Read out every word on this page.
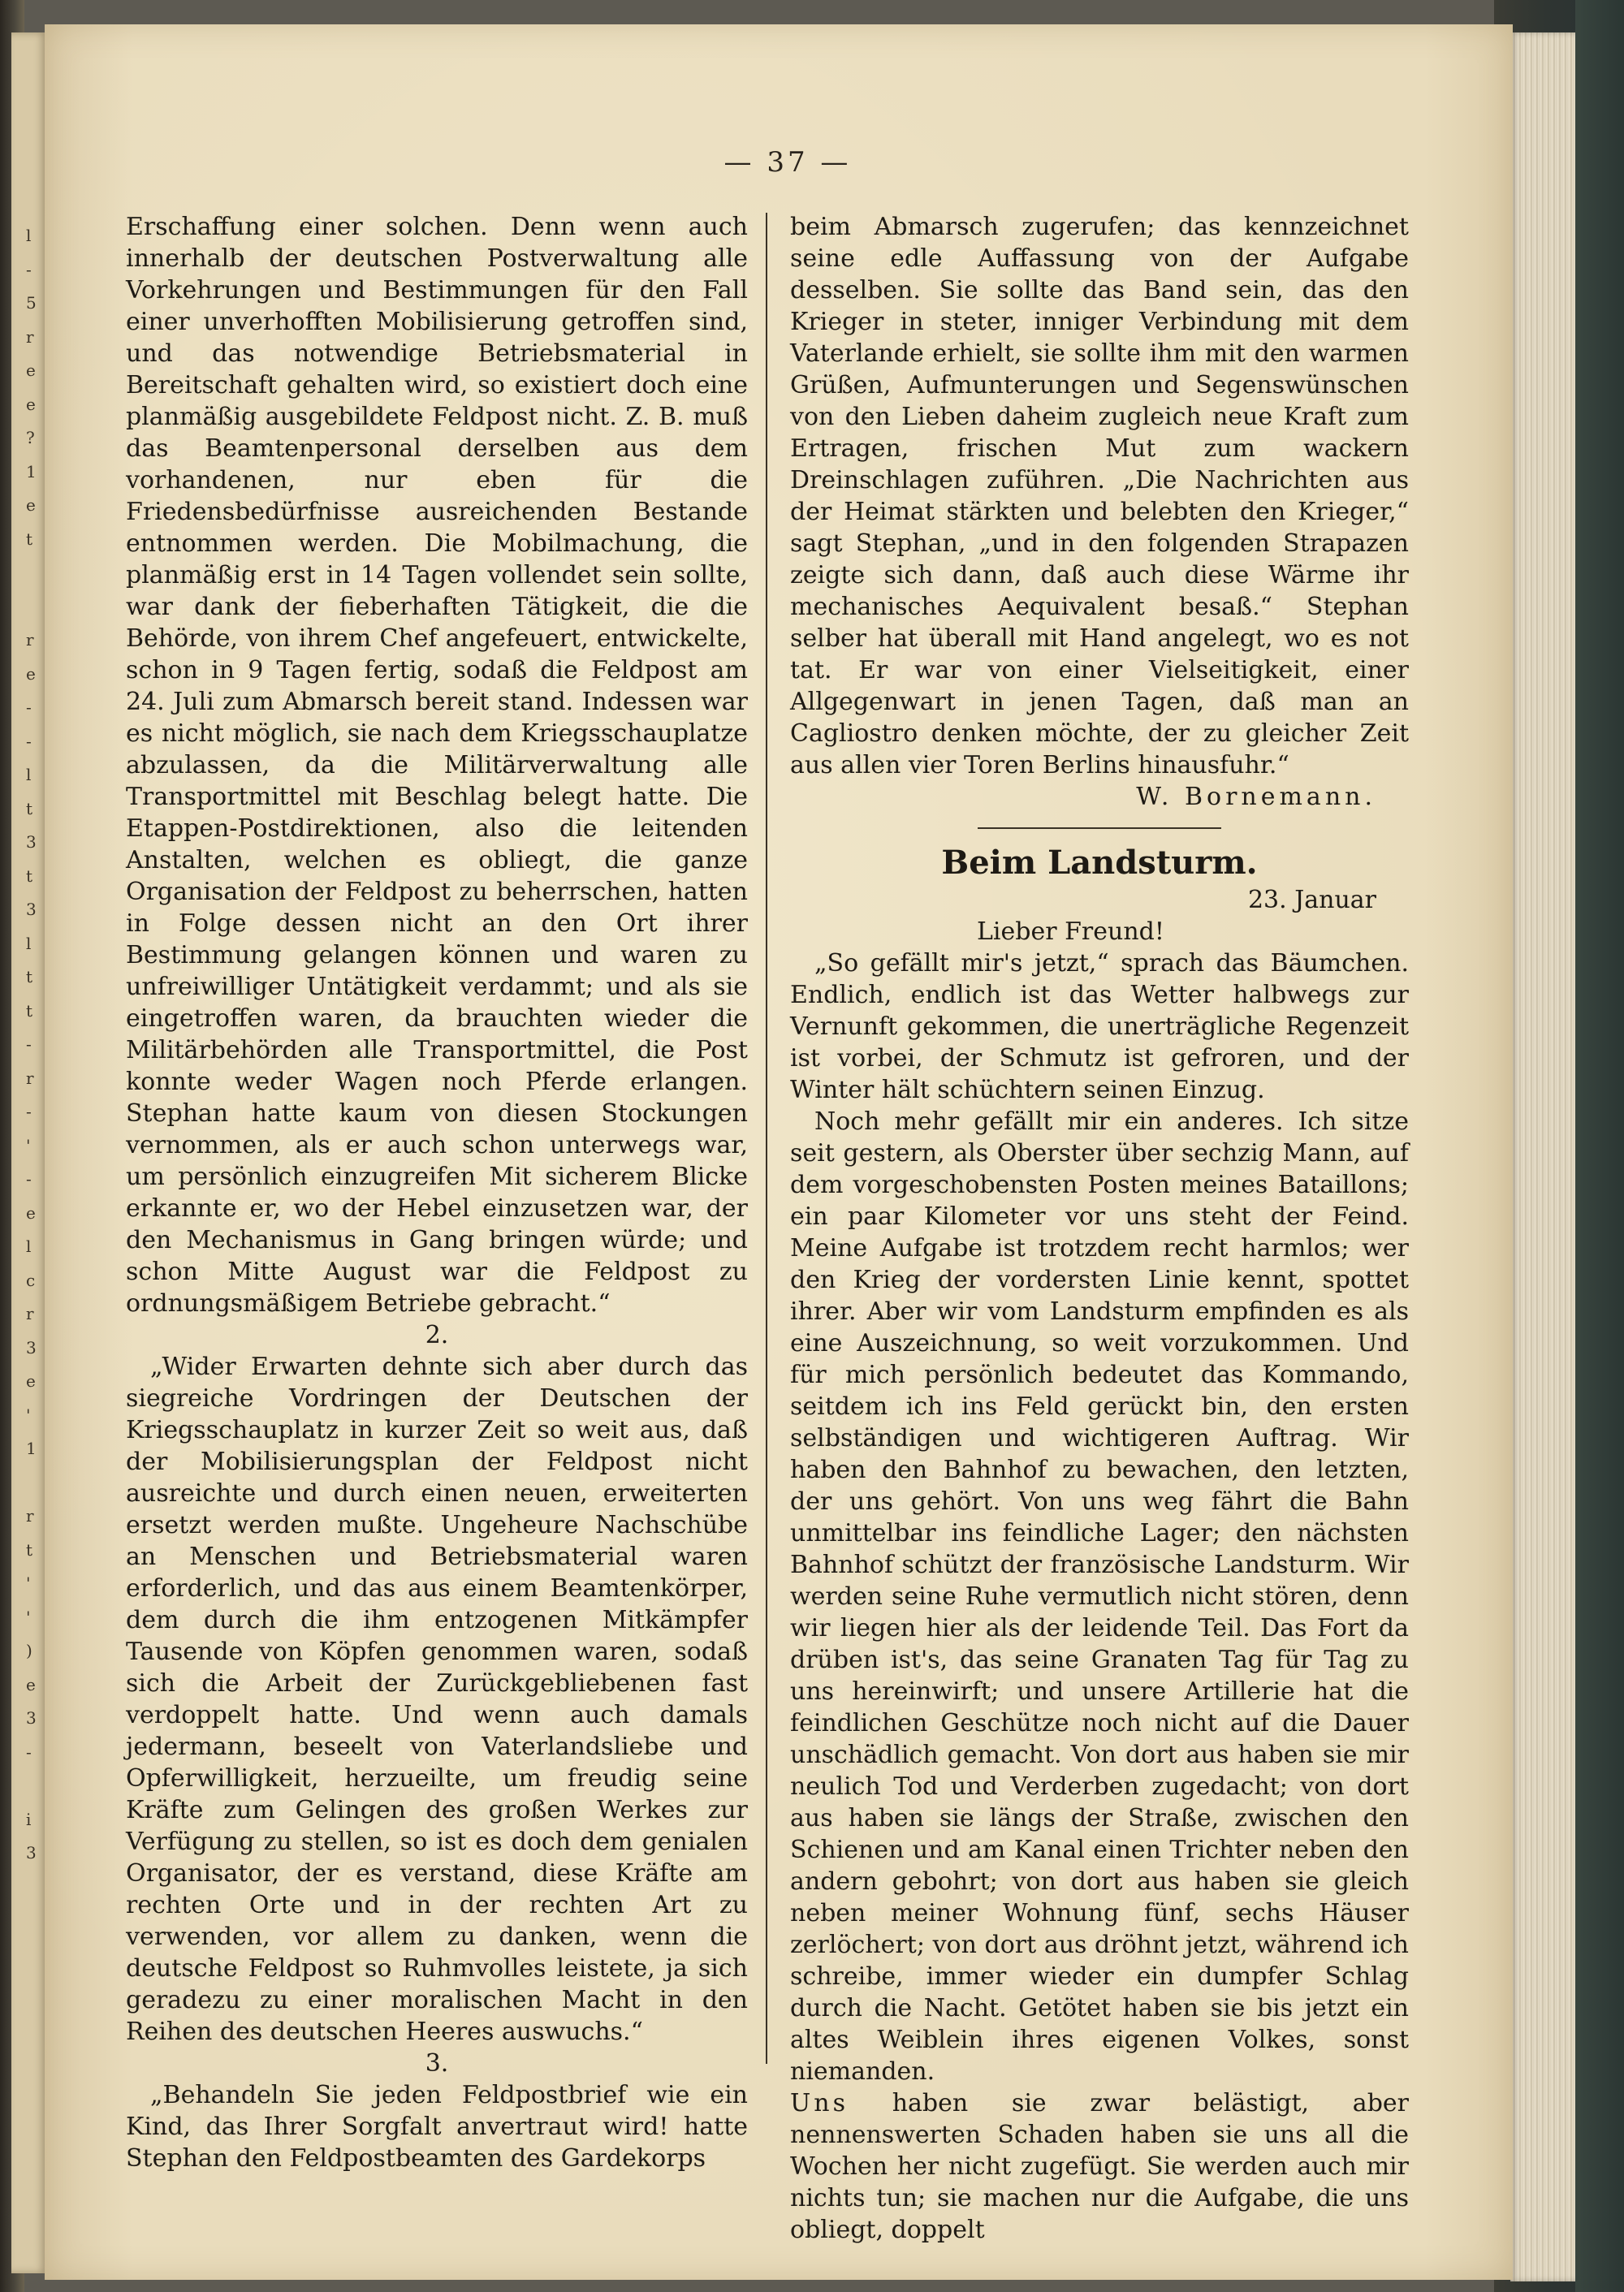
l
-
5
r
e
e
?
1
e
t

r
e
-
-
l
t
3
t
3
l
t
t
-
r
-
'
-
e
l
c
r
3
e
'
1

r
t
'
'
)
e
3
-

i
3
— 37 —

Erschaffung einer solchen. Denn wenn auch innerhalb der deutschen Postverwaltung alle Vorkehrungen und Bestimmungen für den Fall einer unverhofften Mobilisierung getroffen sind, und das notwendige Betriebsmaterial in Bereitschaft gehalten wird, so existiert doch eine planmäßig ausgebildete Feldpost nicht. Z. B. muß das Beamtenpersonal derselben aus dem vorhandenen, nur eben für die Friedensbedürfnisse ausreichenden Bestande entnommen werden. Die Mobilmachung, die planmäßig erst in 14 Tagen vollendet sein sollte, war dank der fieberhaften Tätigkeit, die die Behörde, von ihrem Chef angefeuert, entwickelte, schon in 9 Tagen fertig, sodaß die Feldpost am 24. Juli zum Abmarsch bereit stand. Indessen war es nicht möglich, sie nach dem Kriegsschauplatze abzulassen, da die Militärverwaltung alle Transportmittel mit Beschlag belegt hatte. Die Etappen-Postdirektionen, also die leitenden Anstalten, welchen es obliegt, die ganze Organisation der Feldpost zu beherrschen, hatten in Folge dessen nicht an den Ort ihrer Bestimmung gelangen können und waren zu unfreiwilliger Untätigkeit verdammt; und als sie eingetroffen waren, da brauchten wieder die Militärbehörden alle Transportmittel, die Post konnte weder Wagen noch Pferde erlangen. Stephan hatte kaum von diesen Stockungen vernommen, als er auch schon unterwegs war, um persönlich einzugreifen Mit sicherem Blicke erkannte er, wo der Hebel einzusetzen war, der den Mechanismus in Gang bringen würde; und schon Mitte August war die Feldpost zu ordnungsmäßigem Betriebe gebracht.“

2.

„Wider Erwarten dehnte sich aber durch das siegreiche Vordringen der Deutschen der Kriegsschauplatz in kurzer Zeit so weit aus, daß der Mobilisierungsplan der Feldpost nicht ausreichte und durch einen neuen, erweiterten ersetzt werden mußte. Ungeheure Nachschübe an Menschen und Betriebsmaterial waren erforderlich, und das aus einem Beamtenkörper, dem durch die ihm entzogenen Mitkämpfer Tausende von Köpfen genommen waren, sodaß sich die Arbeit der Zurückgebliebenen fast verdoppelt hatte. Und wenn auch damals jedermann, beseelt von Vaterlandsliebe und Opferwilligkeit, herzueilte, um freudig seine Kräfte zum Gelingen des großen Werkes zur Verfügung zu stellen, so ist es doch dem genialen Organisator, der es verstand, diese Kräfte am rechten Orte und in der rechten Art zu verwenden, vor allem zu danken, wenn die deutsche Feldpost so Ruhmvolles leistete, ja sich geradezu zu einer moralischen Macht in den Reihen des deutschen Heeres auswuchs.“

3.

„Behandeln Sie jeden Feldpostbrief wie ein Kind, das Ihrer Sorgfalt anvertraut wird! hatte Stephan den Feldpostbeamten des Gardekorps

beim Abmarsch zugerufen; das kennzeichnet seine edle Auffassung von der Aufgabe desselben. Sie sollte das Band sein, das den Krieger in steter, inniger Verbindung mit dem Vaterlande erhielt, sie sollte ihm mit den warmen Grüßen, Aufmunterungen und Segenswünschen von den Lieben daheim zugleich neue Kraft zum Ertragen, frischen Mut zum wackern Dreinschlagen zuführen. „Die Nachrichten aus der Heimat stärkten und belebten den Krieger,“ sagt Stephan, „und in den folgenden Strapazen zeigte sich dann, daß auch diese Wärme ihr mechanisches Aequivalent besaß.“ Stephan selber hat überall mit Hand angelegt, wo es not tat. Er war von einer Vielseitigkeit, einer Allgegenwart in jenen Tagen, daß man an Cagliostro denken möchte, der zu gleicher Zeit aus allen vier Toren Berlins hinausfuhr.“

W. Bornemann.
Beim Landsturm.
23. Januar
Lieber Freund!

„So gefällt mir's jetzt,“ sprach das Bäumchen. Endlich, endlich ist das Wetter halbwegs zur Vernunft gekommen, die unerträgliche Regenzeit ist vorbei, der Schmutz ist gefroren, und der Winter hält schüchtern seinen Einzug.

Noch mehr gefällt mir ein anderes. Ich sitze seit gestern, als Oberster über sechzig Mann, auf dem vorgeschobensten Posten meines Bataillons; ein paar Kilometer vor uns steht der Feind. Meine Aufgabe ist trotzdem recht harmlos; wer den Krieg der vordersten Linie kennt, spottet ihrer. Aber wir vom Landsturm empfinden es als eine Auszeichnung, so weit vorzukommen. Und für mich persönlich bedeutet das Kommando, seitdem ich ins Feld gerückt bin, den ersten selbständigen und wichtigeren Auftrag. Wir haben den Bahnhof zu bewachen, den letzten, der uns gehört. Von uns weg fährt die Bahn unmittelbar ins feindliche Lager; den nächsten Bahnhof schützt der französische Landsturm. Wir werden seine Ruhe vermutlich nicht stören, denn wir liegen hier als der leidende Teil. Das Fort da drüben ist's, das seine Granaten Tag für Tag zu uns hereinwirft; und unsere Artillerie hat die feindlichen Geschütze noch nicht auf die Dauer unschädlich gemacht. Von dort aus haben sie mir neulich Tod und Verderben zugedacht; von dort aus haben sie längs der Straße, zwischen den Schienen und am Kanal einen Trichter neben den andern gebohrt; von dort aus haben sie gleich neben meiner Wohnung fünf, sechs Häuser zerlöchert; von dort aus dröhnt jetzt, während ich schreibe, immer wieder ein dumpfer Schlag durch die Nacht. Getötet haben sie bis jetzt ein altes Weiblein ihres eigenen Volkes, sonst niemanden.

Uns haben sie zwar belästigt, aber nennenswerten Schaden haben sie uns all die Wochen her nicht zugefügt. Sie werden auch mir nichts tun; sie machen nur die Aufgabe, die uns obliegt, doppelt
